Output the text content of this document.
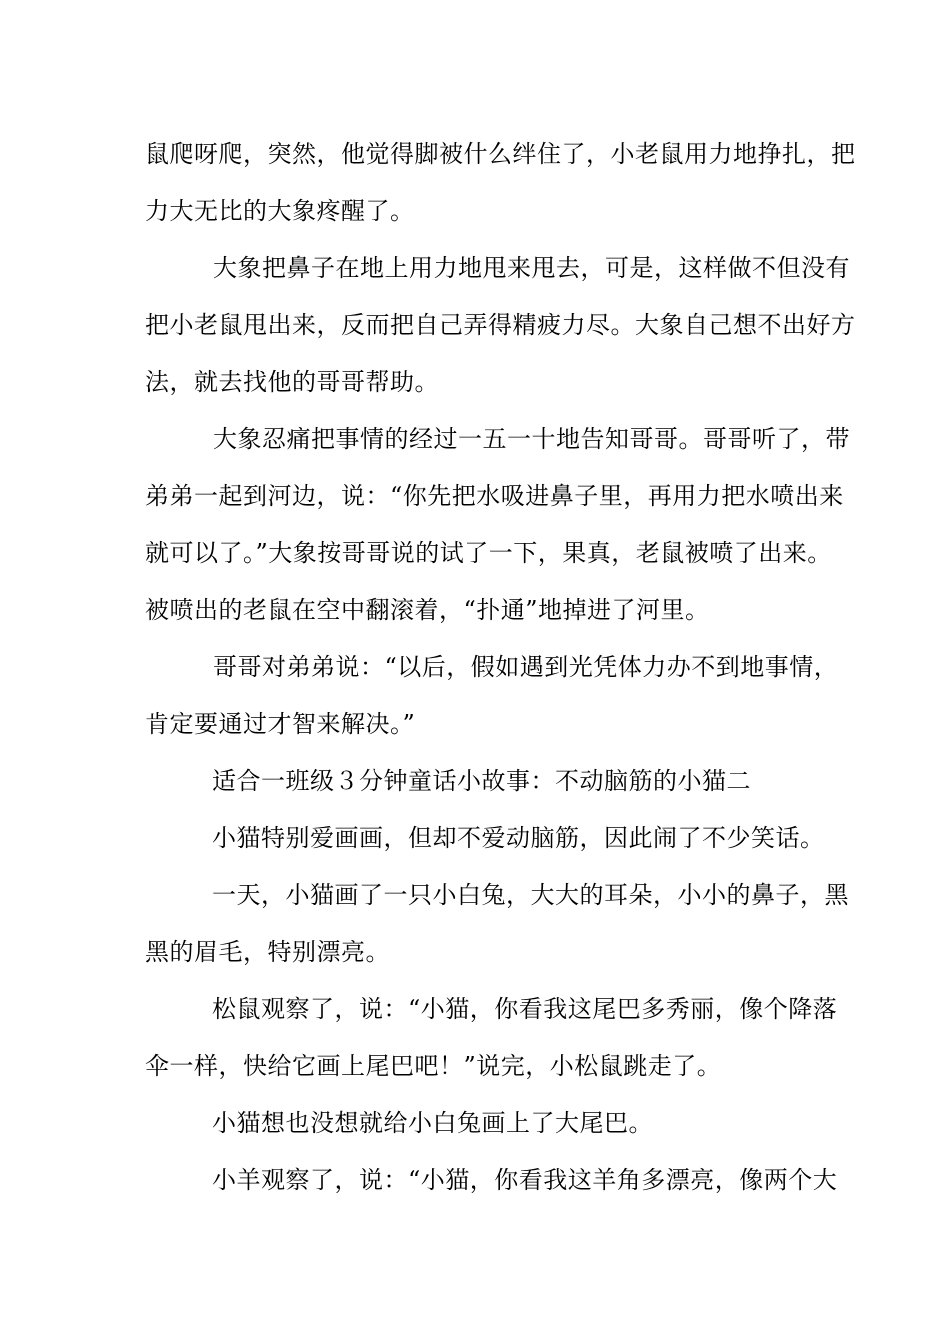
鼠爬呀爬，突然，他觉得脚被什么绊住了，小老鼠用力地挣扎，把
力大无比的大象疼醒了。
大象把鼻子在地上用力地甩来甩去，可是，这样做不但没有
把小老鼠甩出来，反而把自己弄得精疲力尽。大象自己想不出好方
法，就去找他的哥哥帮助。
大象忍痛把事情的经过一五一十地告知哥哥。哥哥听了，带
弟弟一起到河边，说：“你先把水吸进鼻子里，再用力把水喷出来
就可以了。”大象按哥哥说的试了一下，果真，老鼠被喷了出来。
被喷出的老鼠在空中翻滚着，“扑通”地掉进了河里。
哥哥对弟弟说：“以后，假如遇到光凭体力办不到地事情，
肯定要通过才智来解决。”
适合一班级３分钟童话小故事：不动脑筋的小猫二
小猫特别爱画画，但却不爱动脑筋，因此闹了不少笑话。
一天，小猫画了一只小白兔，大大的耳朵，小小的鼻子，黑
黑的眉毛，特别漂亮。
松鼠观察了，说：“小猫，你看我这尾巴多秀丽，像个降落
伞一样，快给它画上尾巴吧！”说完，小松鼠跳走了。
小猫想也没想就给小白兔画上了大尾巴。
小羊观察了，说：“小猫，你看我这羊角多漂亮，像两个大
